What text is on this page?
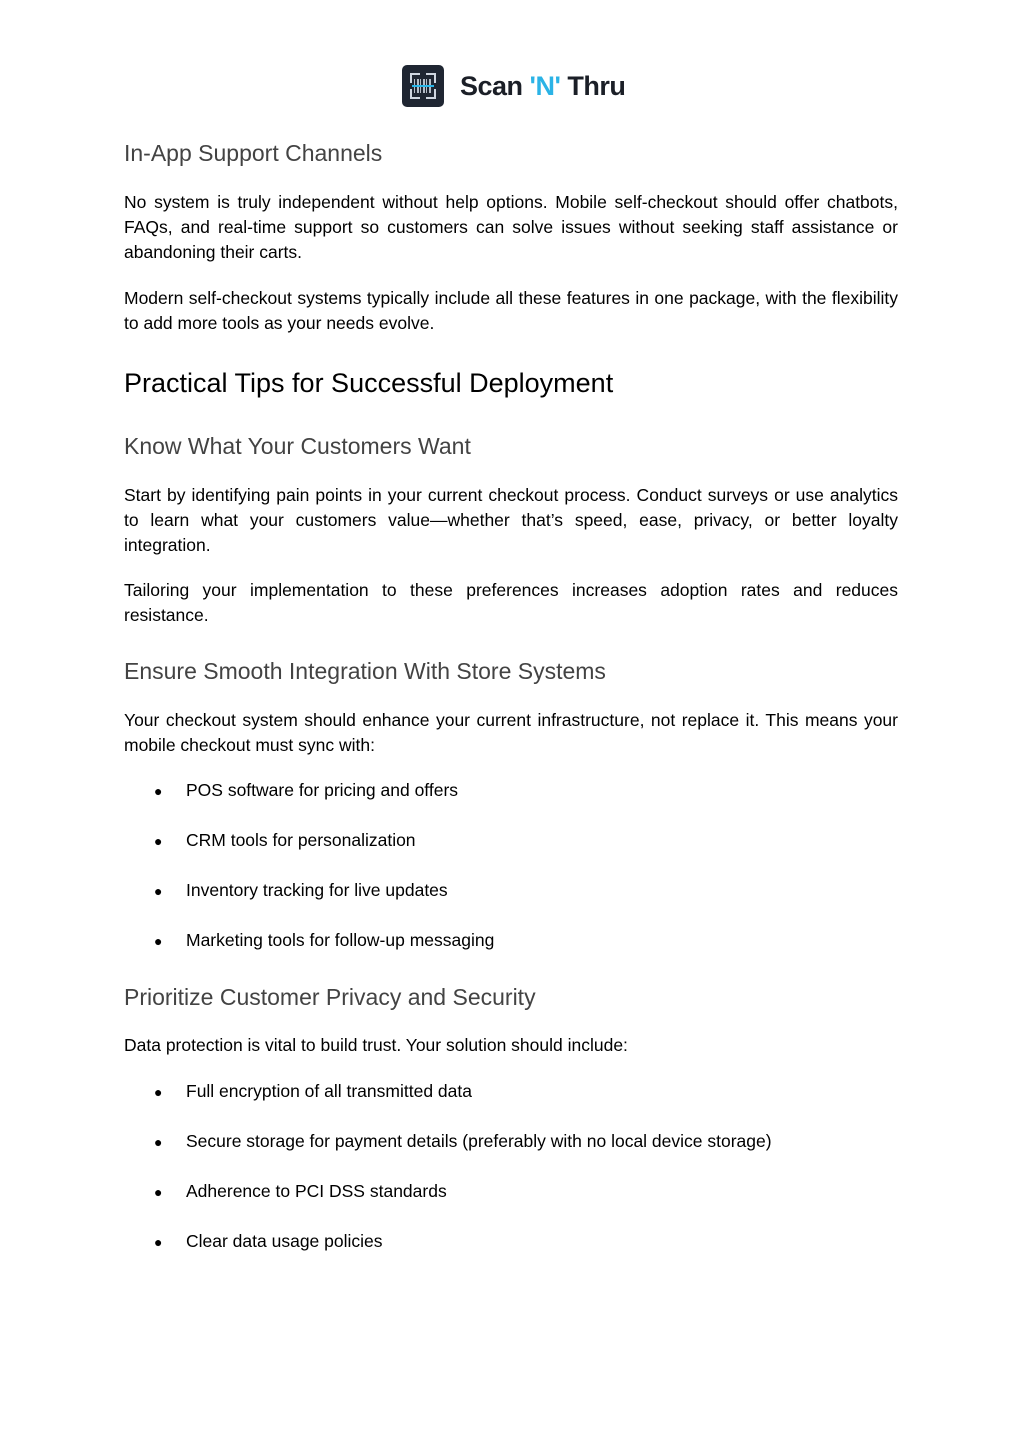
Scan 'N' Thru
In-App Support Channels

No system is truly independent without help options. Mobile self-checkout should offer chatbots, FAQs, and real-time support so customers can solve issues without seeking staff assistance or abandoning their carts.

Modern self-checkout systems typically include all these features in one package, with the flexibility to add more tools as your needs evolve.

Practical Tips for Successful Deployment
Know What Your Customers Want

Start by identifying pain points in your current checkout process. Conduct surveys or use analytics to learn what your customers value—whether that’s speed, ease, privacy, or better loyalty integration.

Tailoring your implementation to these preferences increases adoption rates and reduces resistance.

Ensure Smooth Integration With Store Systems

Your checkout system should enhance your current infrastructure, not replace it. This means your mobile checkout must sync with:

● POS software for pricing and offers

● CRM tools for personalization

● Inventory tracking for live updates

● Marketing tools for follow-up messaging

Prioritize Customer Privacy and Security

Data protection is vital to build trust. Your solution should include:

● Full encryption of all transmitted data

● Secure storage for payment details (preferably with no local device storage)

● Adherence to PCI DSS standards

● Clear data usage policies
